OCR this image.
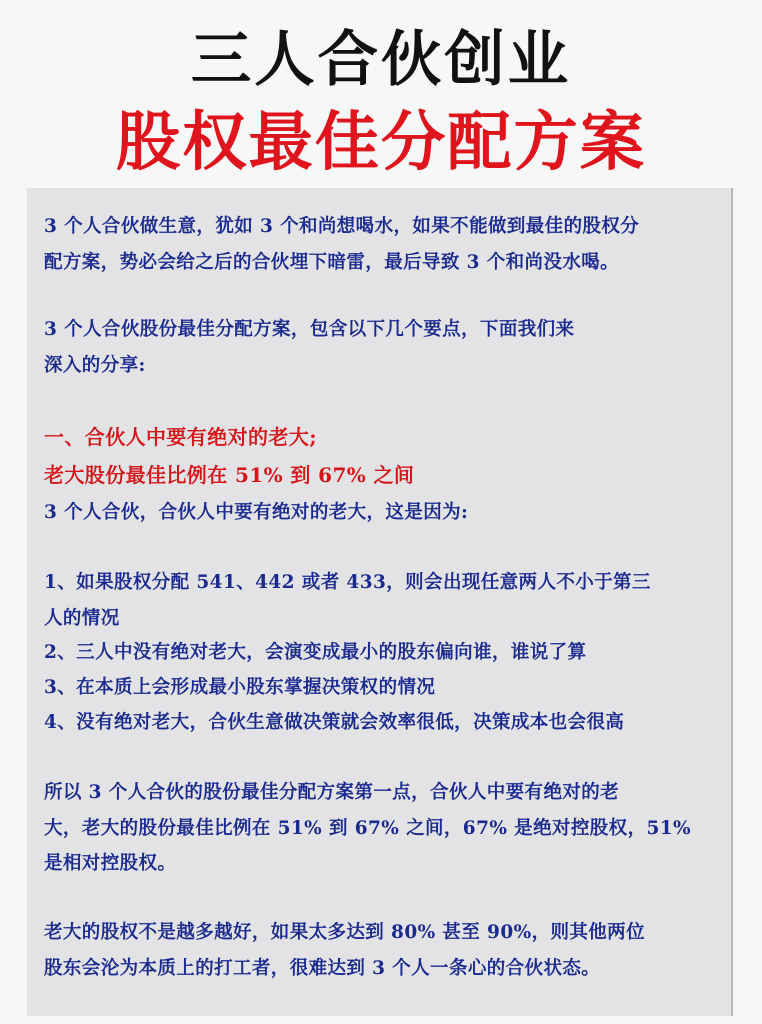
三人合伙创业
股权最佳分配方案
3 个人合伙做生意，犹如 3 个和尚想喝水，如果不能做到最佳的股权分
配方案，势必会给之后的合伙埋下暗雷，最后导致 3 个和尚没水喝。
3 个人合伙股份最佳分配方案，包含以下几个要点，下面我们来
深入的分享:
一、合伙人中要有绝对的老大;
老大股份最佳比例在 51% 到 67% 之间
3 个人合伙，合伙人中要有绝对的老大，这是因为:
1、如果股权分配 541、442 或者 433，则会出现任意两人不小于第三
人的情况
2、三人中没有绝对老大，会演变成最小的股东偏向谁，谁说了算
3、在本质上会形成最小股东掌握决策权的情况
4、没有绝对老大，合伙生意做决策就会效率很低，决策成本也会很高
所以 3 个人合伙的股份最佳分配方案第一点，合伙人中要有绝对的老
大，老大的股份最佳比例在 51% 到 67% 之间，67% 是绝对控股权，51%
是相对控股权。
老大的股权不是越多越好，如果太多达到 80% 甚至 90%，则其他两位
股东会沦为本质上的打工者，很难达到 3 个人一条心的合伙状态。
